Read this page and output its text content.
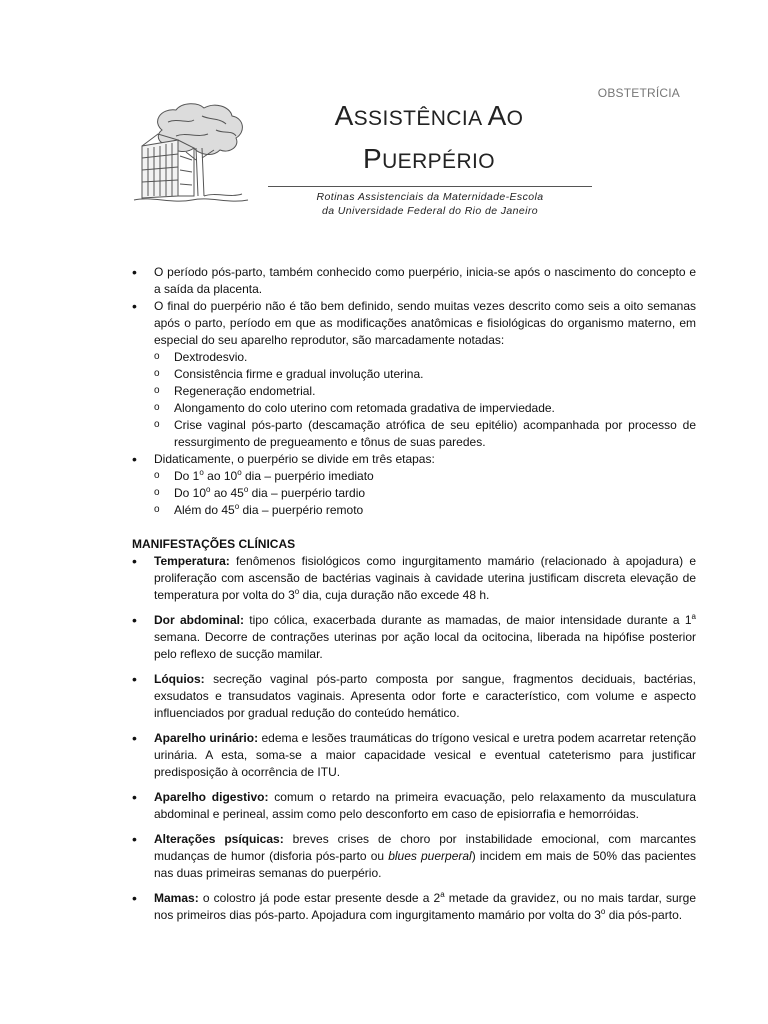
OBSTETRÍCIA
ASSISTÊNCIA AO
PUERPÉRIO
Rotinas Assistenciais da Maternidade-Escola
da Universidade Federal do Rio de Janeiro
• O período pós-parto, também conhecido como puerpério, inicia-se após o nascimento do concepto e a saída da placenta.
• O final do puerpério não é tão bem definido, sendo muitas vezes descrito como seis a oito semanas após o parto, período em que as modificações anatômicas e fisiológicas do organismo materno, em especial do seu aparelho reprodutor, são marcadamente notadas:
o Dextrodesvio.
o Consistência firme e gradual involução uterina.
o Regeneração endometrial.
o Alongamento do colo uterino com retomada gradativa de imperviedade.
o Crise vaginal pós-parto (descamação atrófica de seu epitélio) acompanhada por processo de ressurgimento de pregueamento e tônus de suas paredes.
• Didaticamente, o puerpério se divide em três etapas:
o Do 1$^o$ ao 10$^o$ dia – puerpério imediato
o Do 10$^o$ ao 45$^o$ dia – puerpério tardio
o Além do 45$^o$ dia – puerpério remoto
MANIFESTAÇÕES CLÍNICAS
• Temperatura: fenômenos fisiológicos como ingurgitamento mamário (relacionado à apojadura) e proliferação com ascensão de bactérias vaginais à cavidade uterina justificam discreta elevação de temperatura por volta do 3$^o$ dia, cuja duração não excede 48 h.
• Dor abdominal: tipo cólica, exacerbada durante as mamadas, de maior intensidade durante a 1$^a$ semana. Decorre de contrações uterinas por ação local da ocitocina, liberada na hipófise posterior pelo reflexo de sucção mamilar.
• Lóquios: secreção vaginal pós-parto composta por sangue, fragmentos deciduais, bactérias, exsudatos e transudatos vaginais. Apresenta odor forte e característico, com volume e aspecto influenciados por gradual redução do conteúdo hemático.
• Aparelho urinário: edema e lesões traumáticas do trígono vesical e uretra podem acarretar retenção urinária. A esta, soma-se a maior capacidade vesical e eventual cateterismo para justificar predisposição à ocorrência de ITU.
• Aparelho digestivo: comum o retardo na primeira evacuação, pelo relaxamento da musculatura abdominal e perineal, assim como pelo desconforto em caso de episiorrafia e hemorróidas.
• Alterações psíquicas: breves crises de choro por instabilidade emocional, com marcantes mudanças de humor (disforia pós-parto ou blues puerperal) incidem em mais de 50% das pacientes nas duas primeiras semanas do puerpério.
• Mamas: o colostro já pode estar presente desde a 2$^a$ metade da gravidez, ou no mais tardar, surge nos primeiros dias pós-parto. Apojadura com ingurgitamento mamário por volta do 3$^o$ dia pós-parto.
